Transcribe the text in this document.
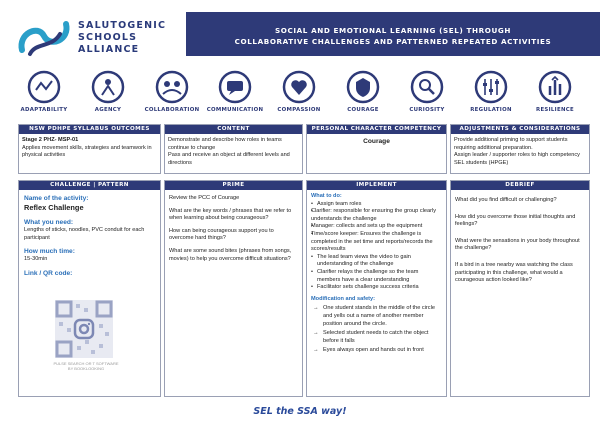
SALUTOGENIC
SCHOOLS
ALLIANCE
SOCIAL AND EMOTIONAL LEARNING (SEL) THROUGH
COLLABORATIVE CHALLENGES AND PATTERNED REPEATED ACTIVITIES
ADAPTABILITY	AGENCY	COLLABORATION	COMMUNICATION	COMPASSION	COURAGE	CURIOSITY	REGULATION	RESILIENCE
NSW PDHPE SYLLABUS OUTCOMES
Stage 2 PHZ- MSP-01
Applies movement skills, strategies and teamwork in physical activities
CONTENT
Demonstrate and describe how roles in teams continue to change
Pass and receive an object at different levels and directions
PERSONAL CHARACTER COMPETENCY
Courage
ADJUSTMENTS & CONSIDERATIONS
Provide additional priming to support students requiring additional preparation.
Assign leader / supporter roles to high competency SEL students (HPGE)
CHALLENGE | PATTERN
Name of the activity:
Reflex Challenge
What you need:
Lengths of sticks, noodles, PVC conduit for each participant
How much time:
15-30min
Link / QR code:
PULSE SEARCH OR T SOFTWARE
BY BOOKLOOKING
PRIME
Review the PCC of Courage
What are the key words / phrases that we refer to when learning about being courageous?
How can being courageous support you to overcome hard things?
What are some sound bites (phrases from songs, movies) to help you overcome difficult situations?
IMPLEMENT
What to do:
• Assign team roles
• Clarifier: responsible for ensuring the group clearly understands the challenge
• Manager: collects and sets up the equipment
• Time/score keeper: Ensures the challenge is completed in the set time and reports/records the scores/results
• The lead team views the video to gain understanding of the challenge
• Clarifier relays the challenge so the team members have a clear understanding
• Facilitator sets challenge success criteria
Modification and safety:
→ One student stands in the middle of the circle and yells out a name of another member position around the circle.
→ Selected student needs to catch the object before it falls
→ Eyes always open and hands out in front
DEBRIEF
What did you find difficult or challenging?
How did you overcome those initial thoughts and feelings?
What were the sensations in your body throughout the challenge?
If a bird in a tree nearby was watching the class participating in this challenge, what would a courageous action looked like?
SEL the SSA way!
